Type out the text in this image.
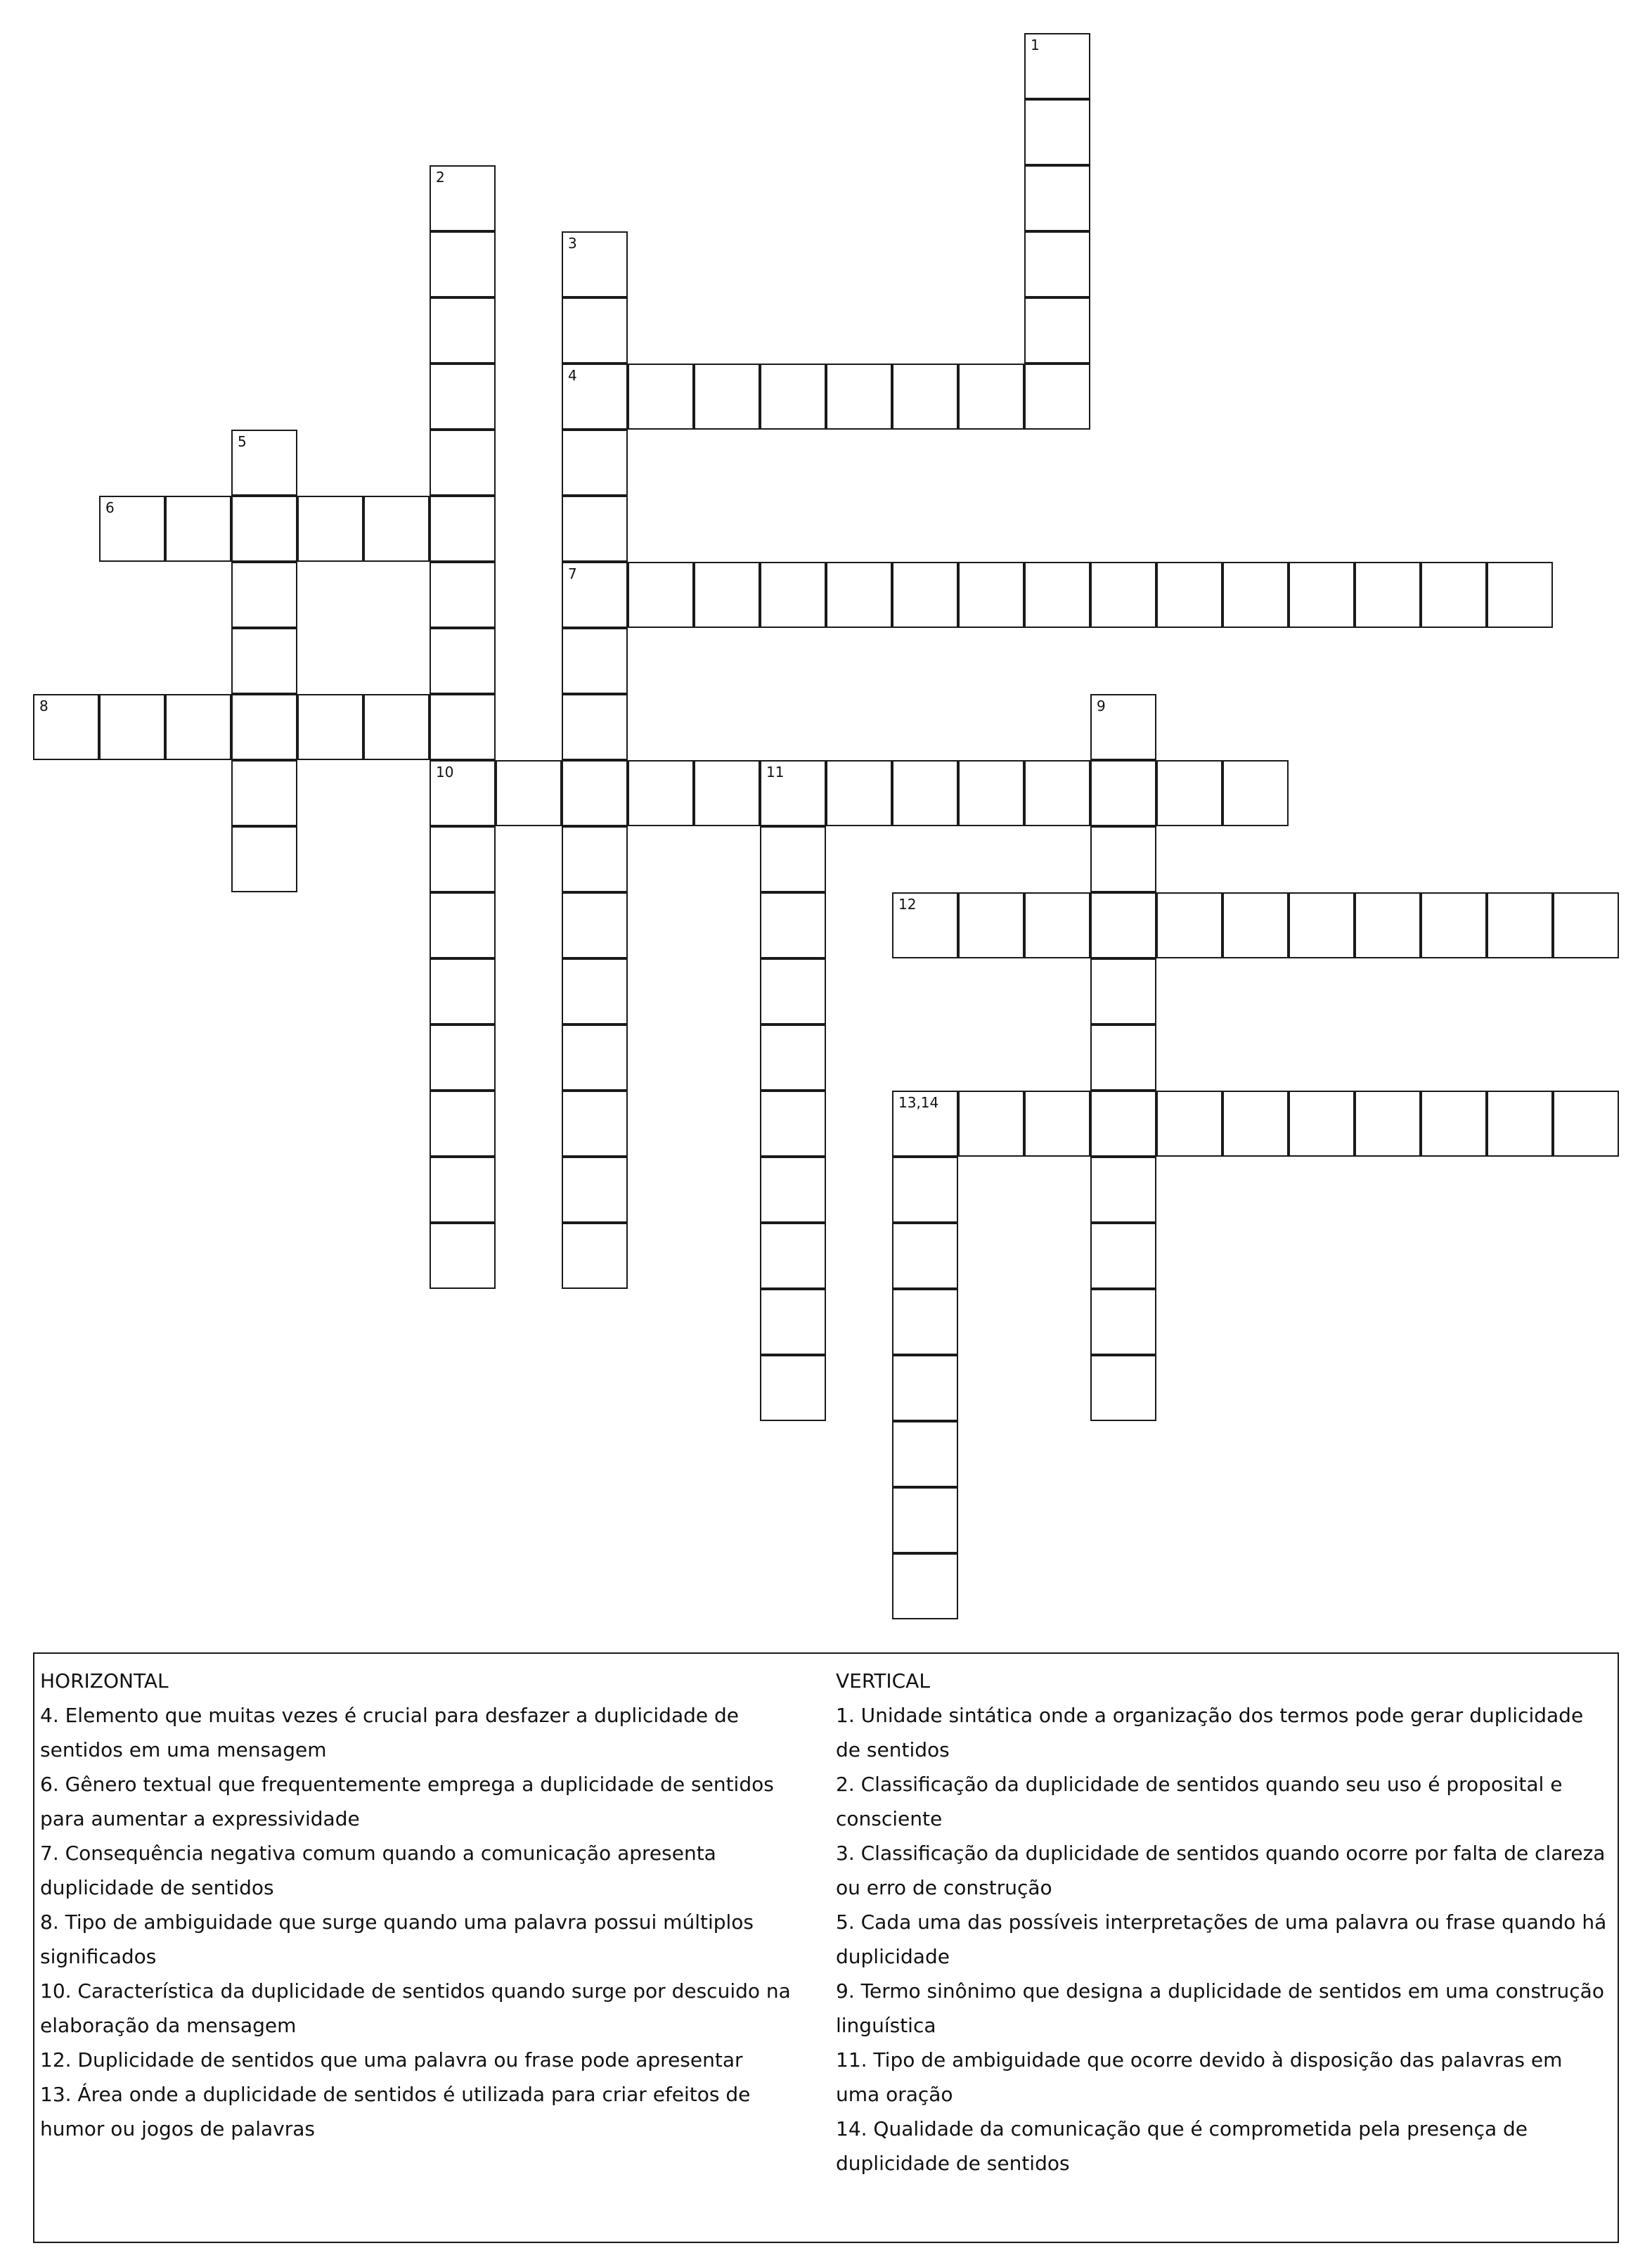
1
2
3
5
6
8	9
11
12
13,14
4
7
10
HORIZONTAL
4. Elemento que muitas vezes é crucial para desfazer a duplicidade de sentidos em uma mensagem
6. Gênero textual que frequentemente emprega a duplicidade de sentidos para aumentar a expressividade
7. Consequência negativa comum quando a comunicação apresenta duplicidade de sentidos
8. Tipo de ambiguidade que surge quando uma palavra possui múltiplos significados
10. Característica da duplicidade de sentidos quando surge por descuido na elaboração da mensagem
12. Duplicidade de sentidos que uma palavra ou frase pode apresentar
13. Área onde a duplicidade de sentidos é utilizada para criar efeitos de humor ou jogos de palavras
VERTICAL
1. Unidade sintática onde a organização dos termos pode gerar duplicidade de sentidos
2. Classificação da duplicidade de sentidos quando seu uso é proposital e consciente
3. Classificação da duplicidade de sentidos quando ocorre por falta de clareza ou erro de construção
5. Cada uma das possíveis interpretações de uma palavra ou frase quando há duplicidade
9. Termo sinônimo que designa a duplicidade de sentidos em uma construção linguística
11. Tipo de ambiguidade que ocorre devido à disposição das palavras em uma oração
14. Qualidade da comunicação que é comprometida pela presença de duplicidade de sentidos
